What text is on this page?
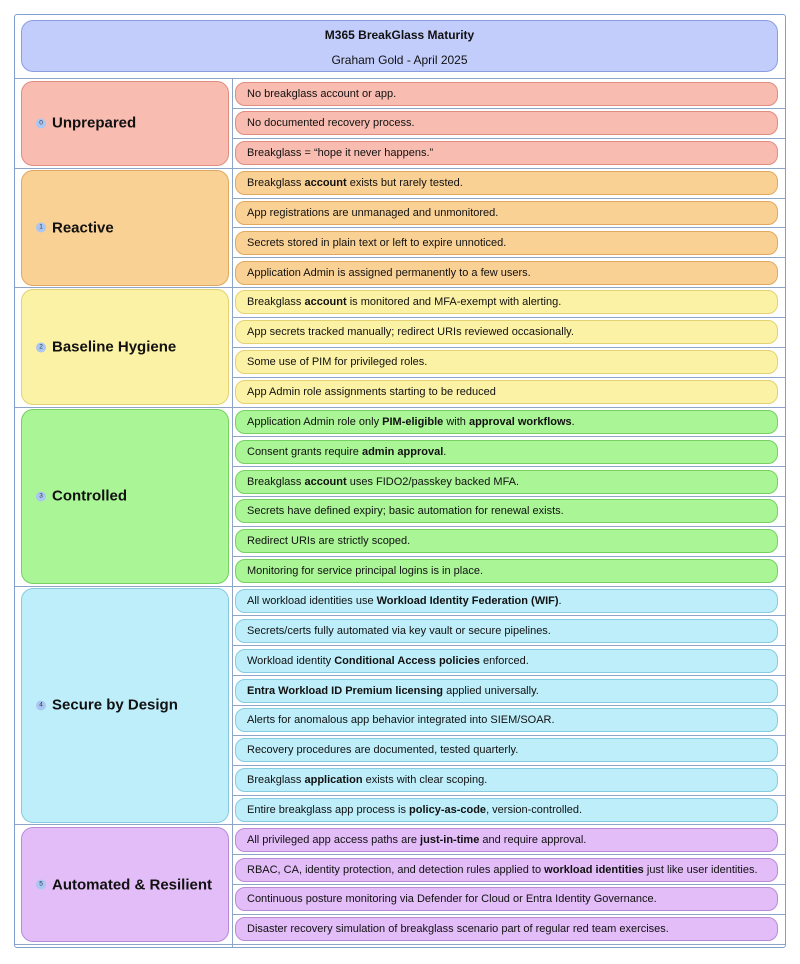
M365 BreakGlass Maturity
Graham Gold - April 2025
0 Unprepared
No breakglass account or app.
No documented recovery process.
Breakglass = “hope it never happens.”
1 Reactive
Breakglass account exists but rarely tested.
App registrations are unmanaged and unmonitored.
Secrets stored in plain text or left to expire unnoticed.
Application Admin is assigned permanently to a few users.
2 Baseline Hygiene
Breakglass account is monitored and MFA-exempt with alerting.
App secrets tracked manually; redirect URIs reviewed occasionally.
Some use of PIM for privileged roles.
App Admin role assignments starting to be reduced
3 Controlled
Application Admin role only PIM-eligible with approval workflows.
Consent grants require admin approval.
Breakglass account uses FIDO2/passkey backed MFA.
Secrets have defined expiry; basic automation for renewal exists.
Redirect URIs are strictly scoped.
Monitoring for service principal logins is in place.
4 Secure by Design
All workload identities use Workload Identity Federation (WIF).
Secrets/certs fully automated via key vault or secure pipelines.
Workload identity Conditional Access policies enforced.
Entra Workload ID Premium licensing applied universally.
Alerts for anomalous app behavior integrated into SIEM/SOAR.
Recovery procedures are documented, tested quarterly.
Breakglass application exists with clear scoping.
Entire breakglass app process is policy-as-code, version-controlled.
5 Automated & Resilient
All privileged app access paths are just-in-time and require approval.
RBAC, CA, identity protection, and detection rules applied to workload identities just like user identities.
Continuous posture monitoring via Defender for Cloud or Entra Identity Governance.
Disaster recovery simulation of breakglass scenario part of regular red team exercises.
